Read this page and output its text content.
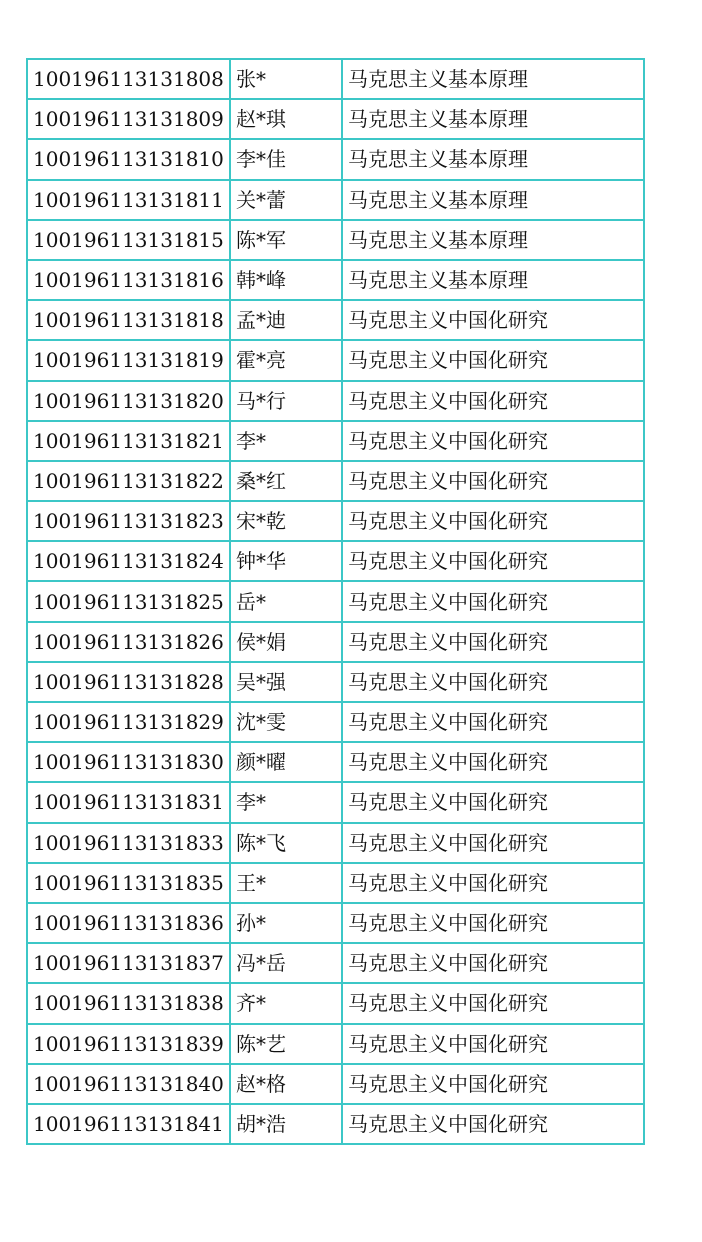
100196113131808	张*	马克思主义基本原理
100196113131809	赵*琪	马克思主义基本原理
100196113131810	李*佳	马克思主义基本原理
100196113131811	关*蕾	马克思主义基本原理
100196113131815	陈*军	马克思主义基本原理
100196113131816	韩*峰	马克思主义基本原理
100196113131818	孟*迪	马克思主义中国化研究
100196113131819	霍*亮	马克思主义中国化研究
100196113131820	马*行	马克思主义中国化研究
100196113131821	李*	马克思主义中国化研究
100196113131822	桑*红	马克思主义中国化研究
100196113131823	宋*乾	马克思主义中国化研究
100196113131824	钟*华	马克思主义中国化研究
100196113131825	岳*	马克思主义中国化研究
100196113131826	侯*娟	马克思主义中国化研究
100196113131828	吴*强	马克思主义中国化研究
100196113131829	沈*雯	马克思主义中国化研究
100196113131830	颜*曜	马克思主义中国化研究
100196113131831	李*	马克思主义中国化研究
100196113131833	陈*飞	马克思主义中国化研究
100196113131835	王*	马克思主义中国化研究
100196113131836	孙*	马克思主义中国化研究
100196113131837	冯*岳	马克思主义中国化研究
100196113131838	齐*	马克思主义中国化研究
100196113131839	陈*艺	马克思主义中国化研究
100196113131840	赵*格	马克思主义中国化研究
100196113131841	胡*浩	马克思主义中国化研究
